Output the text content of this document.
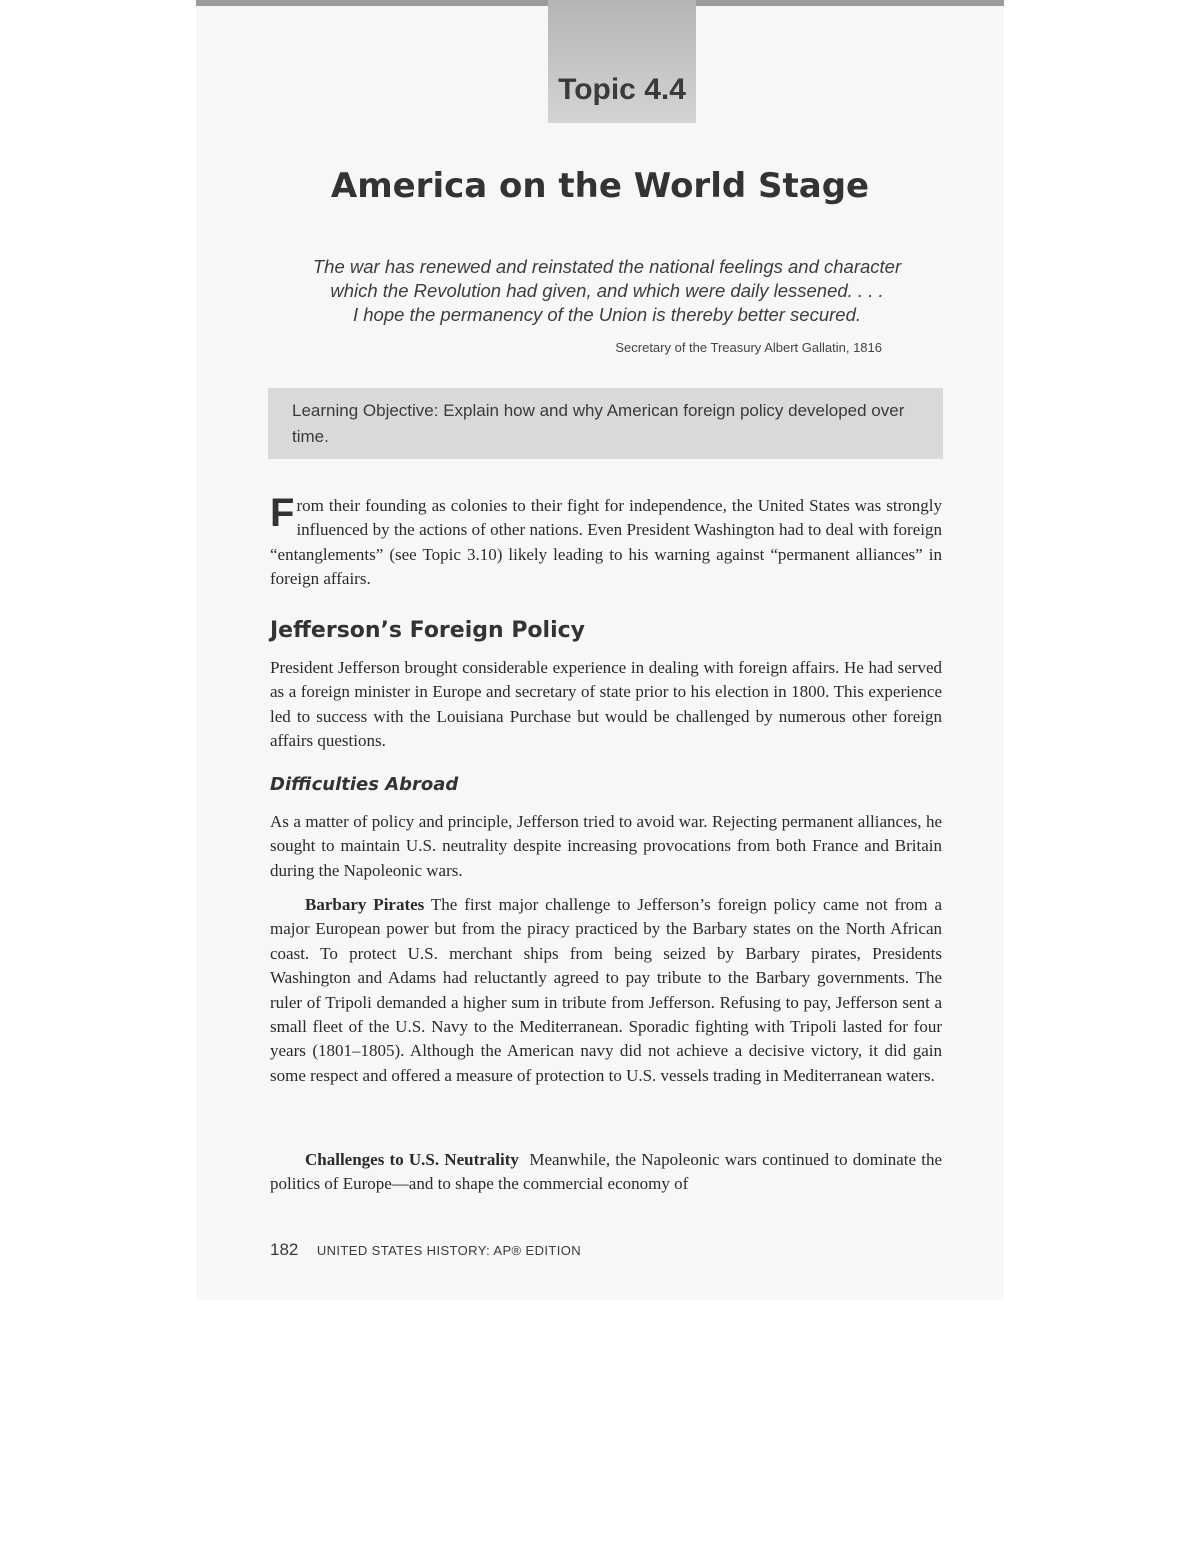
Topic 4.4
America on the World Stage
The war has renewed and reinstated the national feelings and character
which the Revolution had given, and which were daily lessened. . . .
I hope the permanency of the Union is thereby better secured.
Secretary of the Treasury Albert Gallatin, 1816
Learning Objective: Explain how and why American foreign policy developed over time.

From their founding as colonies to their fight for independence, the United States was strongly influenced by the actions of other nations. Even President Washington had to deal with foreign “entanglements” (see Topic 3.10) likely leading to his warning against “permanent alliances” in foreign affairs.

Jefferson’s Foreign Policy

President Jefferson brought considerable experience in dealing with foreign affairs. He had served as a foreign minister in Europe and secretary of state prior to his election in 1800. This experience led to success with the Louisiana Purchase but would be challenged by numerous other foreign affairs questions.

Difficulties Abroad

As a matter of policy and principle, Jefferson tried to avoid war. Rejecting permanent alliances, he sought to maintain U.S. neutrality despite increasing provocations from both France and Britain during the Napoleonic wars.

Barbary Pirates The first major challenge to Jefferson’s foreign policy came not from a major European power but from the piracy practiced by the Barbary states on the North African coast. To protect U.S. merchant ships from being seized by Barbary pirates, Presidents Washington and Adams had reluctantly agreed to pay tribute to the Barbary governments. The ruler of Tripoli demanded a higher sum in tribute from Jefferson. Refusing to pay, Jefferson sent a small fleet of the U.S. Navy to the Mediterranean. Sporadic fighting with Tripoli lasted for four years (1801–1805). Although the American navy did not achieve a decisive victory, it did gain some respect and offered a measure of protection to U.S. vessels trading in Mediterranean waters.

Challenges to U.S. Neutrality Meanwhile, the Napoleonic wars continued to dominate the politics of Europe—and to shape the commercial economy of

182 UNITED STATES HISTORY: AP® EDITION
